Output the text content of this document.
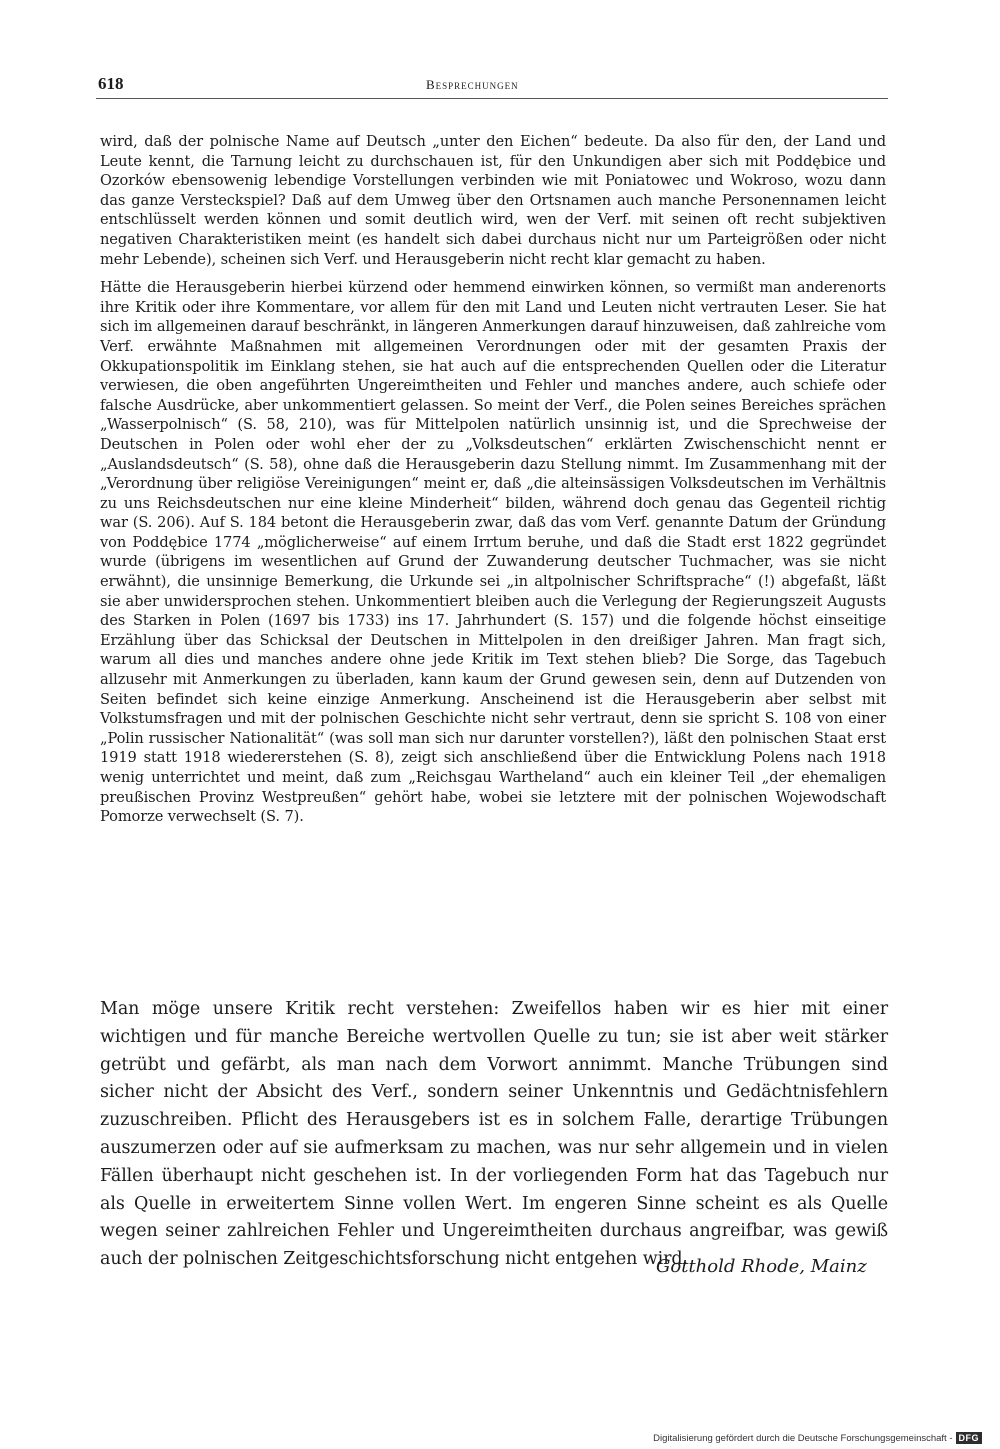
618	Besprechungen

wird, daß der polnische Name auf Deutsch „unter den Eichen“ bedeute. Da also für den, der Land und Leute kennt, die Tarnung leicht zu durchschauen ist, für den Unkundigen aber sich mit Poddębice und Ozorków ebensowenig lebendige Vorstellungen verbinden wie mit Poniatowec und Wokroso, wozu dann das ganze Versteckspiel? Daß auf dem Umweg über den Ortsnamen auch manche Personennamen leicht entschlüsselt werden können und somit deutlich wird, wen der Verf. mit seinen oft recht subjektiven negativen Charakteristiken meint (es handelt sich dabei durchaus nicht nur um Parteigrößen oder nicht mehr Lebende), scheinen sich Verf. und Herausgeberin nicht recht klar gemacht zu haben.

Hätte die Herausgeberin hierbei kürzend oder hemmend einwirken können, so vermißt man anderenorts ihre Kritik oder ihre Kommentare, vor allem für den mit Land und Leuten nicht vertrauten Leser. Sie hat sich im allgemeinen darauf beschränkt, in längeren Anmerkungen darauf hinzuweisen, daß zahlreiche vom Verf. erwähnte Maßnahmen mit allgemeinen Verordnungen oder mit der gesamten Praxis der Okkupationspolitik im Einklang stehen, sie hat auch auf die entsprechenden Quellen oder die Literatur verwiesen, die oben angeführten Ungereimtheiten und Fehler und manches andere, auch schiefe oder falsche Ausdrücke, aber unkommentiert gelassen. So meint der Verf., die Polen seines Bereiches sprächen „Wasserpolnisch“ (S. 58, 210), was für Mittelpolen natürlich unsinnig ist, und die Sprechweise der Deutschen in Polen oder wohl eher der zu „Volksdeutschen“ erklärten Zwischenschicht nennt er „Auslandsdeutsch“ (S. 58), ohne daß die Herausgeberin dazu Stellung nimmt. Im Zusammenhang mit der „Verordnung über religiöse Vereinigungen“ meint er, daß „die alteinsässigen Volksdeutschen im Verhältnis zu uns Reichsdeutschen nur eine kleine Minderheit“ bilden, während doch genau das Gegenteil richtig war (S. 206). Auf S. 184 betont die Herausgeberin zwar, daß das vom Verf. genannte Datum der Gründung von Poddębice 1774 „möglicherweise“ auf einem Irrtum beruhe, und daß die Stadt erst 1822 gegründet wurde (übrigens im wesentlichen auf Grund der Zuwanderung deutscher Tuchmacher, was sie nicht erwähnt), die unsinnige Bemerkung, die Urkunde sei „in altpolnischer Schriftsprache“ (!) abgefaßt, läßt sie aber unwidersprochen stehen. Unkommentiert bleiben auch die Verlegung der Regierungszeit Augusts des Starken in Polen (1697 bis 1733) ins 17. Jahrhundert (S. 157) und die folgende höchst einseitige Erzählung über das Schicksal der Deutschen in Mittelpolen in den dreißiger Jahren. Man fragt sich, warum all dies und manches andere ohne jede Kritik im Text stehen blieb? Die Sorge, das Tagebuch allzusehr mit Anmerkungen zu überladen, kann kaum der Grund gewesen sein, denn auf Dutzenden von Seiten befindet sich keine einzige Anmerkung. Anscheinend ist die Herausgeberin aber selbst mit Volkstumsfragen und mit der polnischen Geschichte nicht sehr vertraut, denn sie spricht S. 108 von einer „Polin russischer Nationalität“ (was soll man sich nur darunter vorstellen?), läßt den polnischen Staat erst 1919 statt 1918 wiedererstehen (S. 8), zeigt sich anschließend über die Entwicklung Polens nach 1918 wenig unterrichtet und meint, daß zum „Reichsgau Wartheland“ auch ein kleiner Teil „der ehemaligen preußischen Provinz Westpreußen“ gehört habe, wobei sie letztere mit der polnischen Wojewodschaft Pomorze verwechselt (S. 7).

Man möge unsere Kritik recht verstehen: Zweifellos haben wir es hier mit einer wichtigen und für manche Bereiche wertvollen Quelle zu tun; sie ist aber weit stärker getrübt und gefärbt, als man nach dem Vorwort annimmt. Manche Trübungen sind sicher nicht der Absicht des Verf., sondern seiner Unkenntnis und Gedächtnisfehlern zuzuschreiben. Pflicht des Herausgebers ist es in solchem Falle, derartige Trübungen auszumerzen oder auf sie aufmerksam zu machen, was nur sehr allgemein und in vielen Fällen überhaupt nicht geschehen ist. In der vorliegenden Form hat das Tagebuch nur als Quelle in erweitertem Sinne vollen Wert. Im engeren Sinne scheint es als Quelle wegen seiner zahlreichen Fehler und Ungereimtheiten durchaus angreifbar, was gewiß auch der polnischen Zeitgeschichtsforschung nicht entgehen wird.

Gotthold Rhode, Mainz
Digitalisierung gefördert durch die Deutsche Forschungsgemeinschaft - DFG
